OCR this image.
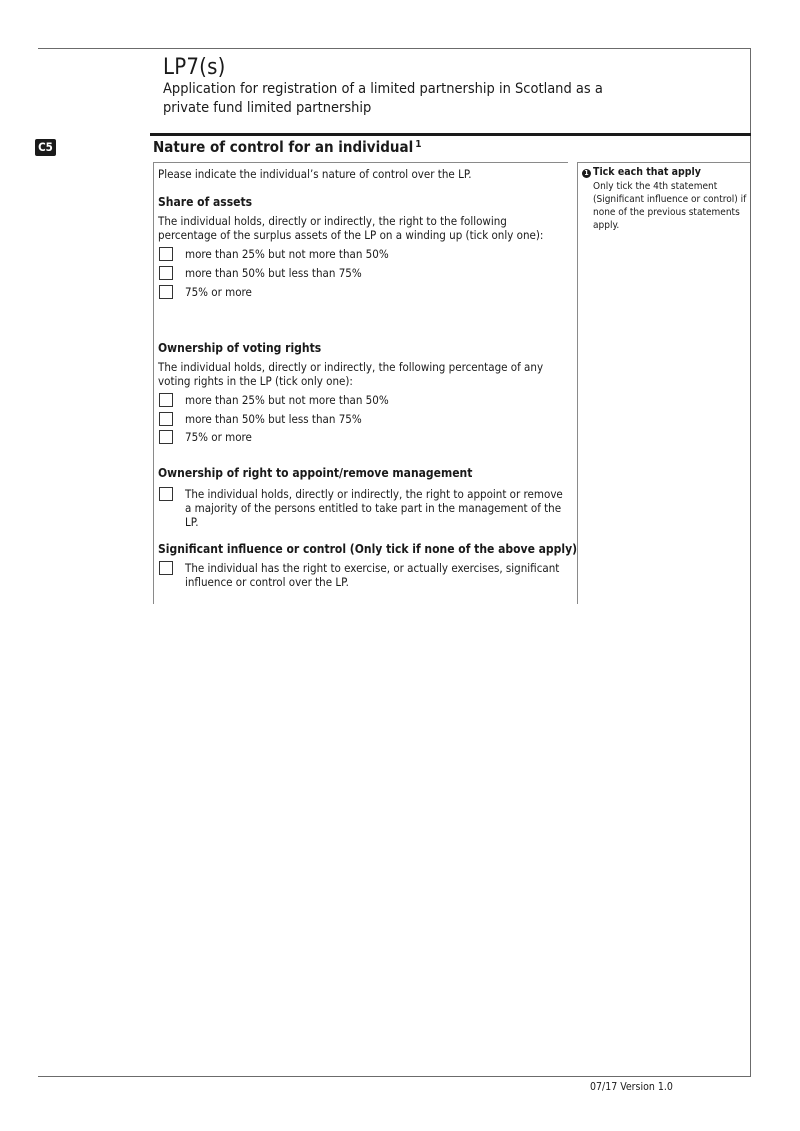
LP7(s)
Application for registration of a limited partnership in Scotland as a private fund limited partnership
C5	Nature of control for an individual $^1$
Please indicate the individual’s nature of control over the LP.
Share of assets
The individual holds, directly or indirectly, the right to the following percentage of the surplus assets of the LP on a winding up (tick only one):
more than 25% but not more than 50%
more than 50% but less than 75%
75% or more
Ownership of voting rights
The individual holds, directly or indirectly, the following percentage of any voting rights in the LP (tick only one):
more than 25% but not more than 50%
more than 50% but less than 75%
75% or more
Ownership of right to appoint/remove management
The individual holds, directly or indirectly, the right to appoint or remove a majority of the persons entitled to take part in the management of the LP.
Significant influence or control (Only tick if none of the above apply)
The individual has the right to exercise, or actually exercises, significant influence or control over the LP.
1 Tick each that apply
Only tick the 4th statement (Significant influence or control) if none of the previous statements apply.
07/17 Version 1.0
